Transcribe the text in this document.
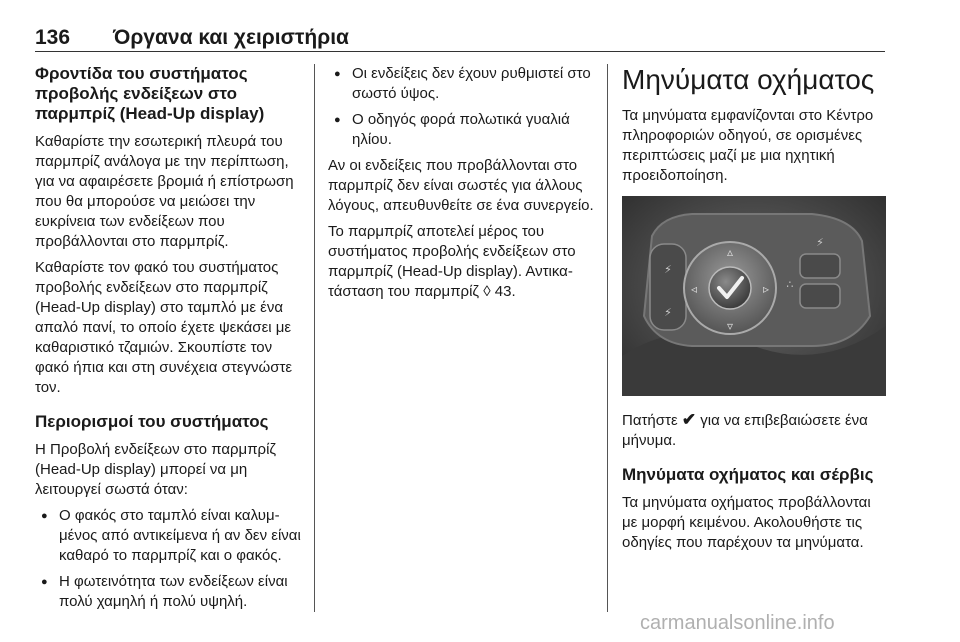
136 Όργανα και χειριστήρια
Φροντίδα του συστήματος προβολής ενδείξεων στο παρμπρίζ (Head-Up display)

Καθαρίστε την εσωτερική πλευρά του παρμπρίζ ανάλογα με την περίπτωση, για να αφαιρέσετε βρομιά ή επίστρωση που θα μπορούσε να μειώσει την ευκρίνεια των ενδείξεων που προβάλλονται στο παρμπρίζ.

Καθαρίστε τον φακό του συστήματος προβολής ενδείξεων στο παρμπρίζ (Head-Up display) στο ταμπλό με ένα απαλό πανί, το οποίο έχετε ψεκάσει με καθαριστικό τζαμιών. Σκουπίστε τον φακό ήπια και στη συνέχεια στεγνώστε τον.

Περιορισμοί του συστήματος

Η Προβολή ενδείξεων στο παρμπρίζ (Head-Up display) μπορεί να μη λειτουργεί σωστά όταν:

● Ο φακός στο ταμπλό είναι καλυμμένος από αντικείμενα ή αν δεν είναι καθαρό το παρμπρίζ και ο φακός.
● Η φωτεινότητα των ενδείξεων είναι πολύ χαμηλή ή πολύ υψηλή.
● Οι ενδείξεις δεν έχουν ρυθμιστεί στο σωστό ύψος.
● Ο οδηγός φορά πολωτικά γυαλιά ηλίου.

Αν οι ενδείξεις που προβάλλονται στο παρμπρίζ δεν είναι σωστές για άλλους λόγους, απευθυνθείτε σε ένα συνεργείο.

Το παρμπρίζ αποτελεί μέρος του συστήματος προβολής ενδείξεων στο παρμπρίζ (Head-Up display). Αντικατάσταση του παρμπρίζ ◊ 43.

Μηνύματα οχήματος

Τα μηνύματα εμφανίζονται στο Κέντρο πληροφοριών οδηγού, σε ορισμένες περιπτώσεις μαζί με μια ηχητική προειδοποίηση.

⚡
⚡
▵
▿
◃	▹
⚡
∴

Πατήστε ✔ για να επιβεβαιώσετε ένα μήνυμα.

Μηνύματα οχήματος και σέρβις

Τα μηνύματα οχήματος προβάλλονται με μορφή κειμένου. Ακολουθήστε τις οδηγίες που παρέχουν τα μηνύματα.

carmanualsonline.info
